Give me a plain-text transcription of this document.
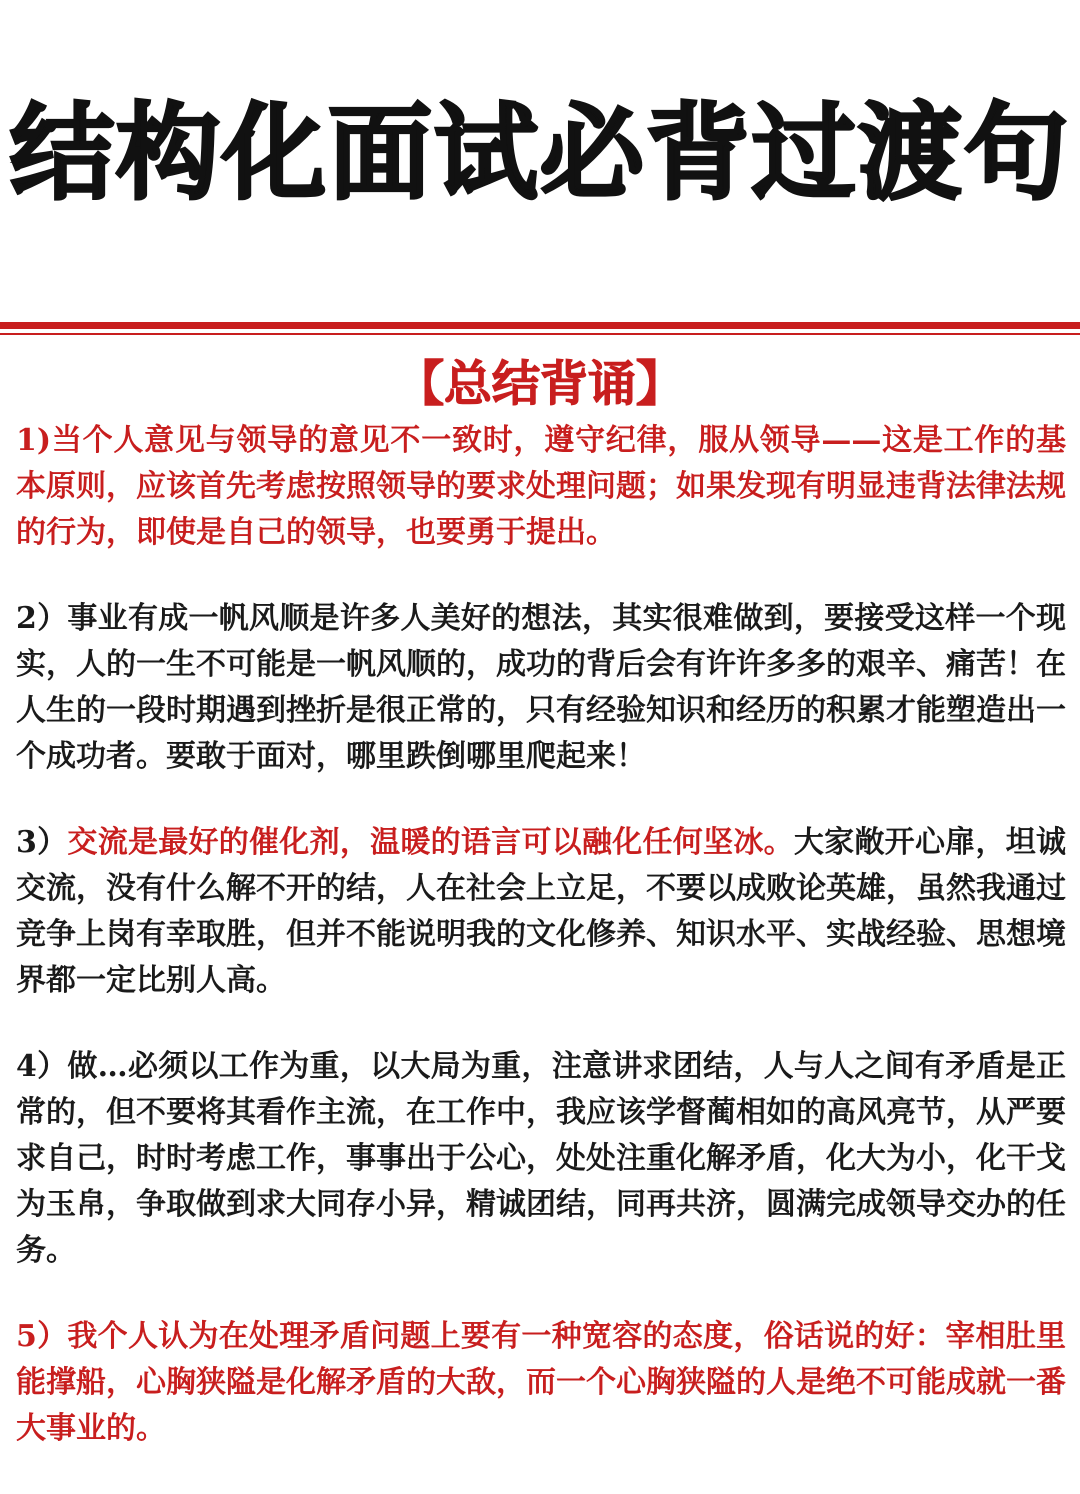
结构化面试必背过渡句
【总结背诵】

1)当个人意见与领导的意见不一致时，遵守纪律，服从领导——这是工作的基本原则，应该首先考虑按照领导的要求处理问题；如果发现有明显违背法律法规的行为，即使是自己的领导，也要勇于提出。

2）事业有成一帆风顺是许多人美好的想法，其实很难做到，要接受这样一个现实，人的一生不可能是一帆风顺的，成功的背后会有许许多多的艰辛、痛苦！在人生的一段时期遇到挫折是很正常的，只有经验知识和经历的积累才能塑造出一个成功者。要敢于面对，哪里跌倒哪里爬起来！

3）交流是最好的催化剂，温暖的语言可以融化任何坚冰。大家敞开心扉，坦诚交流，没有什么解不开的结，人在社会上立足，不要以成败论英雄，虽然我通过竞争上岗有幸取胜，但并不能说明我的文化修养、知识水平、实战经验、思想境界都一定比别人高。

4）做…必须以工作为重，以大局为重，注意讲求团结，人与人之间有矛盾是正常的，但不要将其看作主流，在工作中，我应该学督蔺相如的高风亮节，从严要求自己，时时考虑工作，事事出于公心，处处注重化解矛盾，化大为小，化干戈为玉帛，争取做到求大同存小异，精诚团结，同再共济，圆满完成领导交办的任务。

5）我个人认为在处理矛盾问题上要有一种宽容的态度，俗话说的好：宰相肚里能撑船，心胸狭隘是化解矛盾的大敌，而一个心胸狭隘的人是绝不可能成就一番大事业的。
